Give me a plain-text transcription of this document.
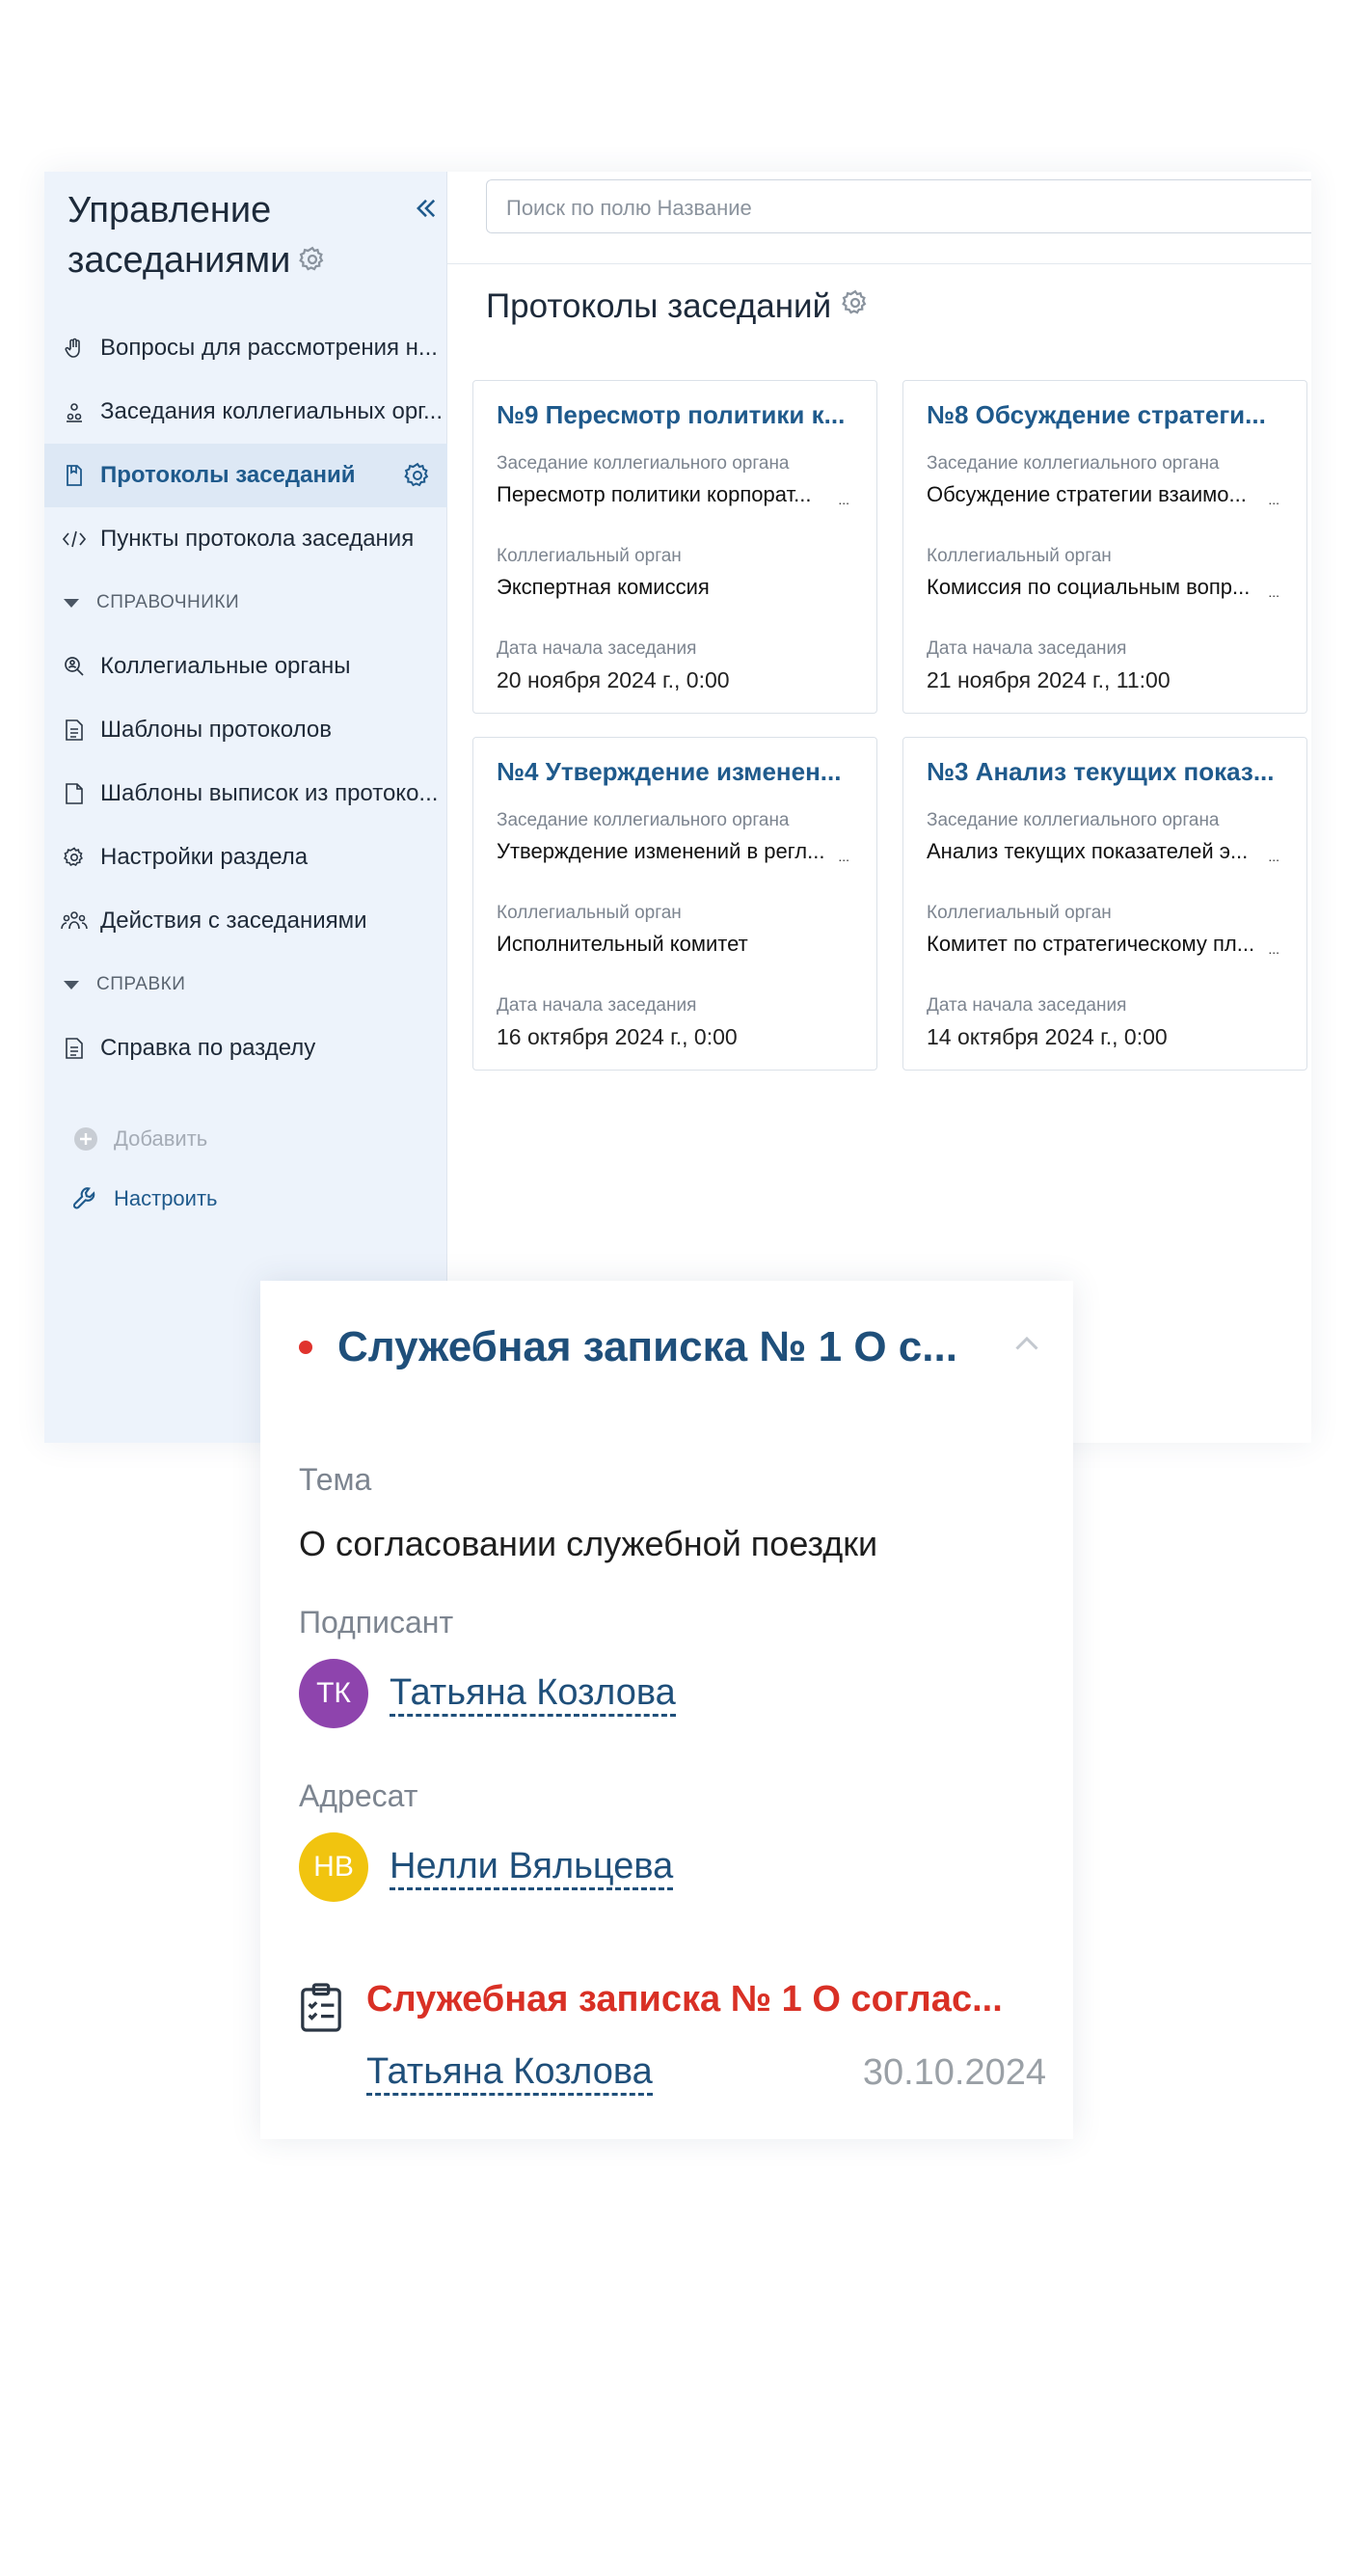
Управление
заседаниями
Вопросы для рассмотрения н...
Заседания коллегиальных орг...
Протоколы заседаний
Пункты протокола заседания
СПРАВОЧНИКИ
Коллегиальные органы
Шаблоны протоколов
Шаблоны выписок из протоко...
Настройки раздела
Действия с заседаниями
СПРАВКИ
Справка по разделу
Добавить
Настроить
Поиск по полю Название
Протоколы заседаний
№9 Пересмотр политики к...
Заседание коллегиального органа
Пересмотр политики корпорат... ...
Коллегиальный орган
Экспертная комиссия
Дата начала заседания
20 ноября 2024 г., 0:00
№8 Обсуждение стратеги...
Заседание коллегиального органа
Обсуждение стратегии взаимо... ...
Коллегиальный орган
Комиссия по социальным вопр... ...
Дата начала заседания
21 ноября 2024 г., 11:00
№4 Утверждение изменен...
Заседание коллегиального органа
Утверждение изменений в регл... ...
Коллегиальный орган
Исполнительный комитет
Дата начала заседания
16 октября 2024 г., 0:00
№3 Анализ текущих показ...
Заседание коллегиального органа
Анализ текущих показателей э... ...
Коллегиальный орган
Комитет по стратегическому пл... ...
Дата начала заседания
14 октября 2024 г., 0:00
Служебная записка № 1 О с...
Тема
О согласовании служебной поездки
Подписант
ТК	Татьяна Козлова
Адресат
НВ Нелли Вяльцева
Служебная записка № 1 О соглас...
Татьяна Козлова	30.10.2024
